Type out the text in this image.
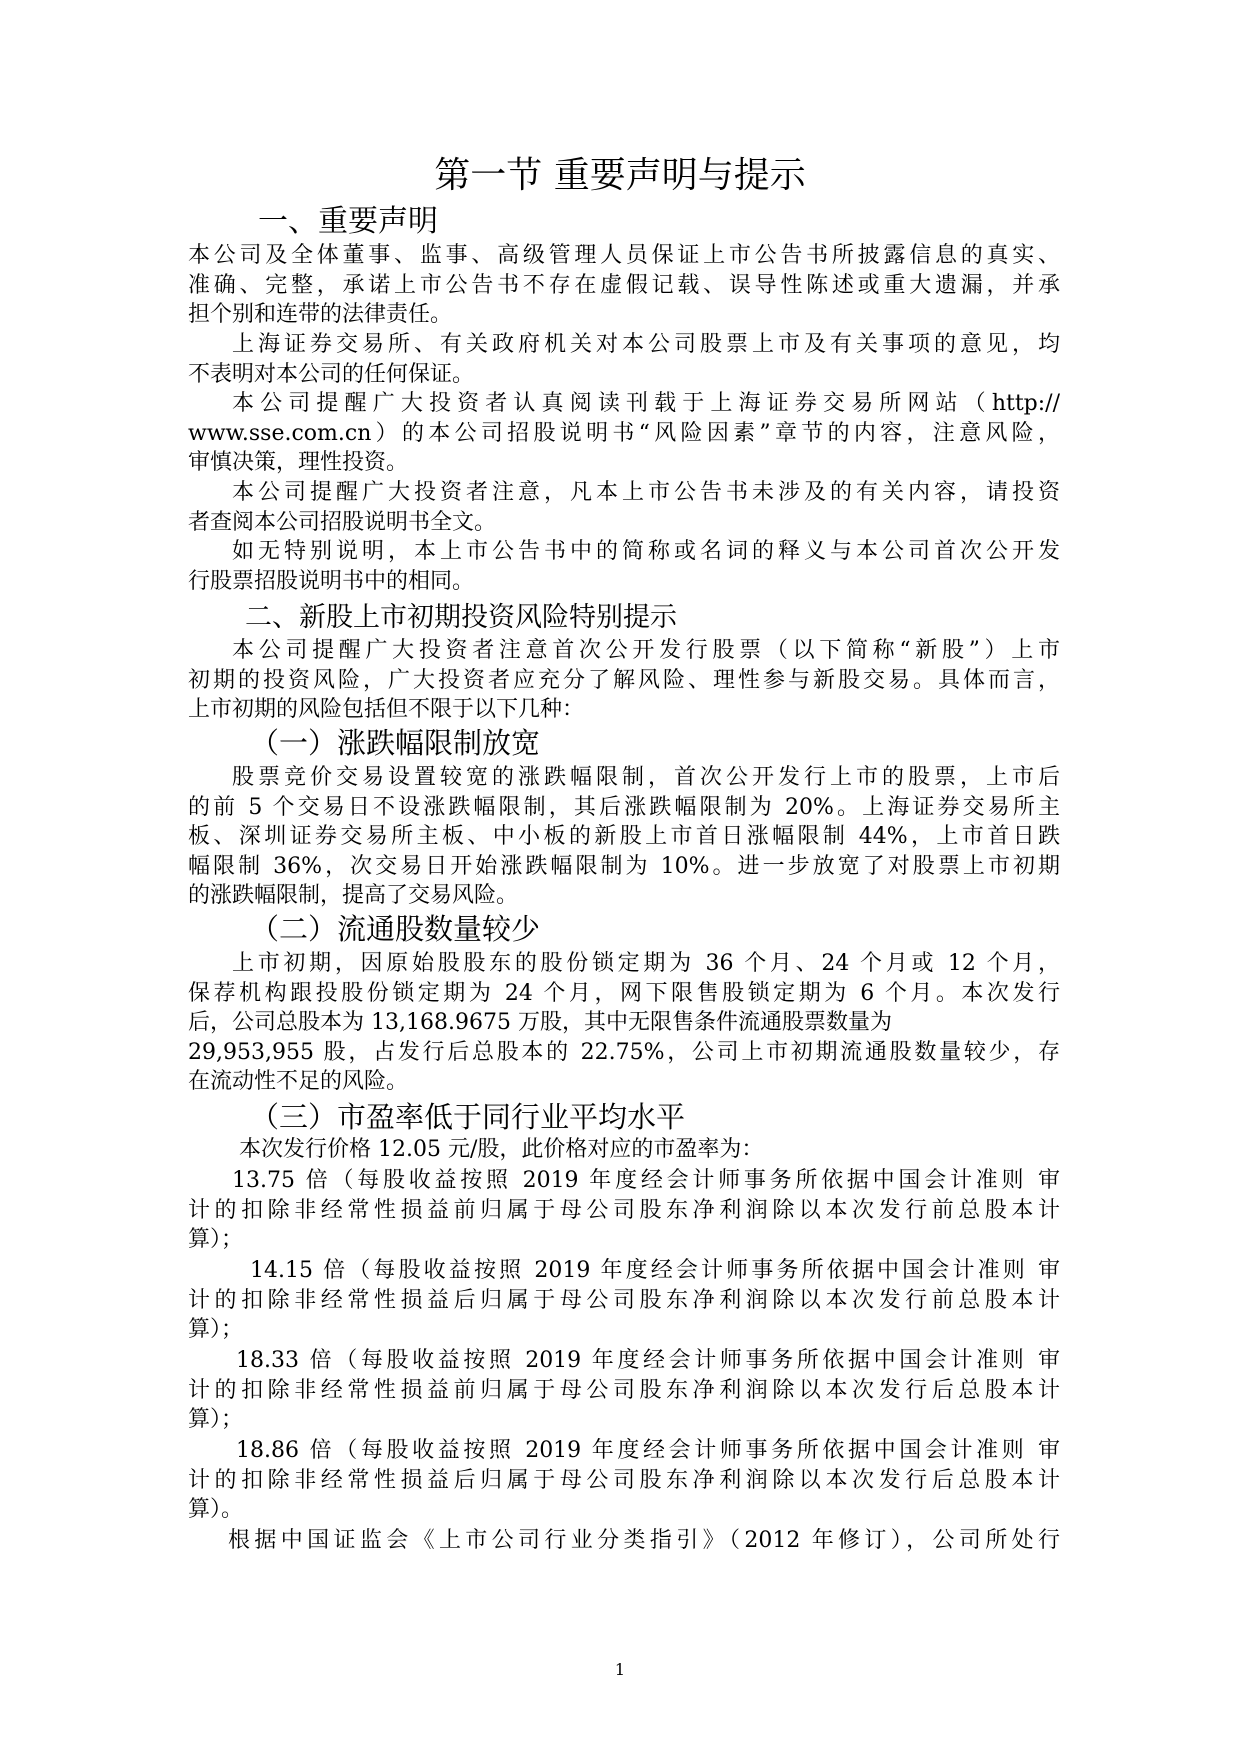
第一节 重要声明与提示
一、重要声明
本公司及全体董事、监事、高级管理人员保证上市公告书所披露信息的真实、
准确、完整，承诺上市公告书不存在虚假记载、误导性陈述或重大遗漏，并承
担个别和连带的法律责任。
上海证券交易所、有关政府机关对本公司股票上市及有关事项的意见，均
不表明对本公司的任何保证。
本公司提醒广大投资者认真阅读刊载于上海证券交易所网站（http://
www.sse.com.cn）的本公司招股说明书“风险因素”章节的内容，注意风险，
审慎决策，理性投资。
本公司提醒广大投资者注意，凡本上市公告书未涉及的有关内容，请投资
者查阅本公司招股说明书全文。
如无特别说明，本上市公告书中的简称或名词的释义与本公司首次公开发
行股票招股说明书中的相同。
二、新股上市初期投资风险特别提示
本公司提醒广大投资者注意首次公开发行股票（以下简称“新股”）上市
初期的投资风险，广大投资者应充分了解风险、理性参与新股交易。具体而言，
上市初期的风险包括但不限于以下几种：
（一）涨跌幅限制放宽
股票竞价交易设置较宽的涨跌幅限制，首次公开发行上市的股票，上市后
的前 5 个交易日不设涨跌幅限制，其后涨跌幅限制为 20%。上海证券交易所主
板、深圳证券交易所主板、中小板的新股上市首日涨幅限制 44%，上市首日跌
幅限制 36%，次交易日开始涨跌幅限制为 10%。进一步放宽了对股票上市初期
的涨跌幅限制，提高了交易风险。
（二）流通股数量较少
上市初期，因原始股股东的股份锁定期为 36 个月、24 个月或 12 个月，
保荐机构跟投股份锁定期为 24 个月，网下限售股锁定期为 6 个月。本次发行
后，公司总股本为 13,168.9675 万股，其中无限售条件流通股票数量为
29,953,955 股，占发行后总股本的 22.75%，公司上市初期流通股数量较少，存
在流动性不足的风险。
（三）市盈率低于同行业平均水平
本次发行价格 12.05 元/股，此价格对应的市盈率为：
13.75 倍（每股收益按照 2019 年度经会计师事务所依据中国会计准则 审
计的扣除非经常性损益前归属于母公司股东净利润除以本次发行前总股本计
算）；
14.15 倍（每股收益按照 2019 年度经会计师事务所依据中国会计准则 审
计的扣除非经常性损益后归属于母公司股东净利润除以本次发行前总股本计
算）；
18.33 倍（每股收益按照 2019 年度经会计师事务所依据中国会计准则 审
计的扣除非经常性损益前归属于母公司股东净利润除以本次发行后总股本计
算）；
18.86 倍（每股收益按照 2019 年度经会计师事务所依据中国会计准则 审
计的扣除非经常性损益后归属于母公司股东净利润除以本次发行后总股本计
算）。
根据中国证监会《上市公司行业分类指引》（2012 年修订），公司所处行
1
